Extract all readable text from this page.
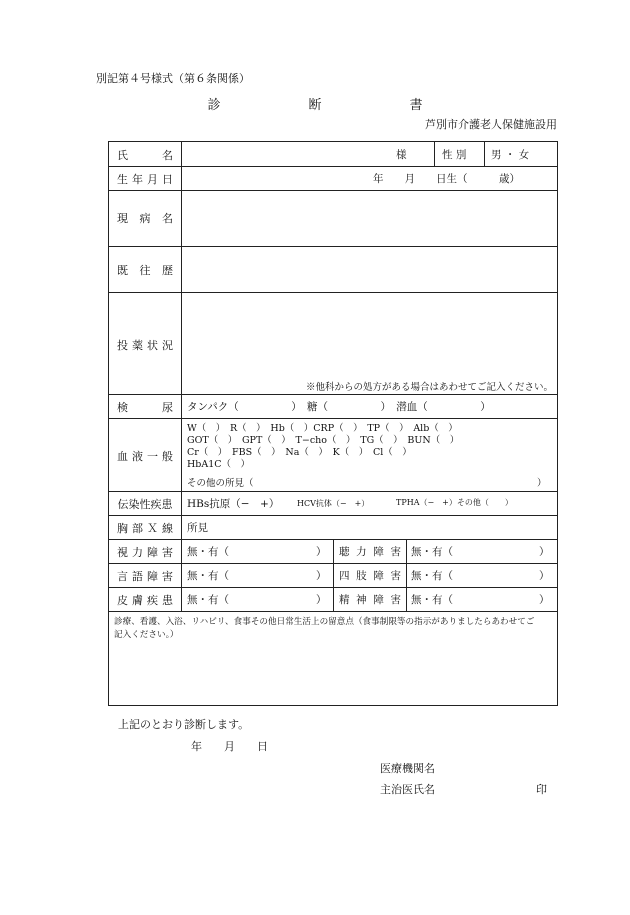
別記第４号様式（第６条関係）
診	断	書
芦別市介護老人保健施設用
氏　　名	様	性 別 男 ・ 女
生年月日	年　　月　　日生（　　　歳）
現 病 名
既 往 歴
投薬状況
※他科からの処方がある場合はあわせてご記入ください。
検　　尿	タンパク（　　　　　）　糖（　　　　　）　潜血（　　　　　）
血液一般
W（　）　R（　）　Hb（　）CRP（　）　TP（　）　Alb（　）
GOT（　）　GPT（　）　T−cho（　）　TG（　）　BUN（　）
Cr（　）　FBS（　）　Na（　）　K（　）　Cl（　）
HbA1C（　）
その他の所見（	）
伝染性疾患	HBs抗原（−　+） HCV抗体（−　+）	TPHA（−　+）その他（　　）
胸部Ｘ線	所見
視力障害	無・有（	） 聴力障害 無・有（	）
言語障害	無・有（	） 四肢障害 無・有（	）
皮膚疾患	無・有（	） 精神障害 無・有（	）
診療、看護、入浴、リハビリ、食事その他日常生活上の留意点（食事制限等の指示がありましたらあわせてご
記入ください。）
上記のとおり診断します。
年　　月　　日
医療機関名
主治医氏名	印
